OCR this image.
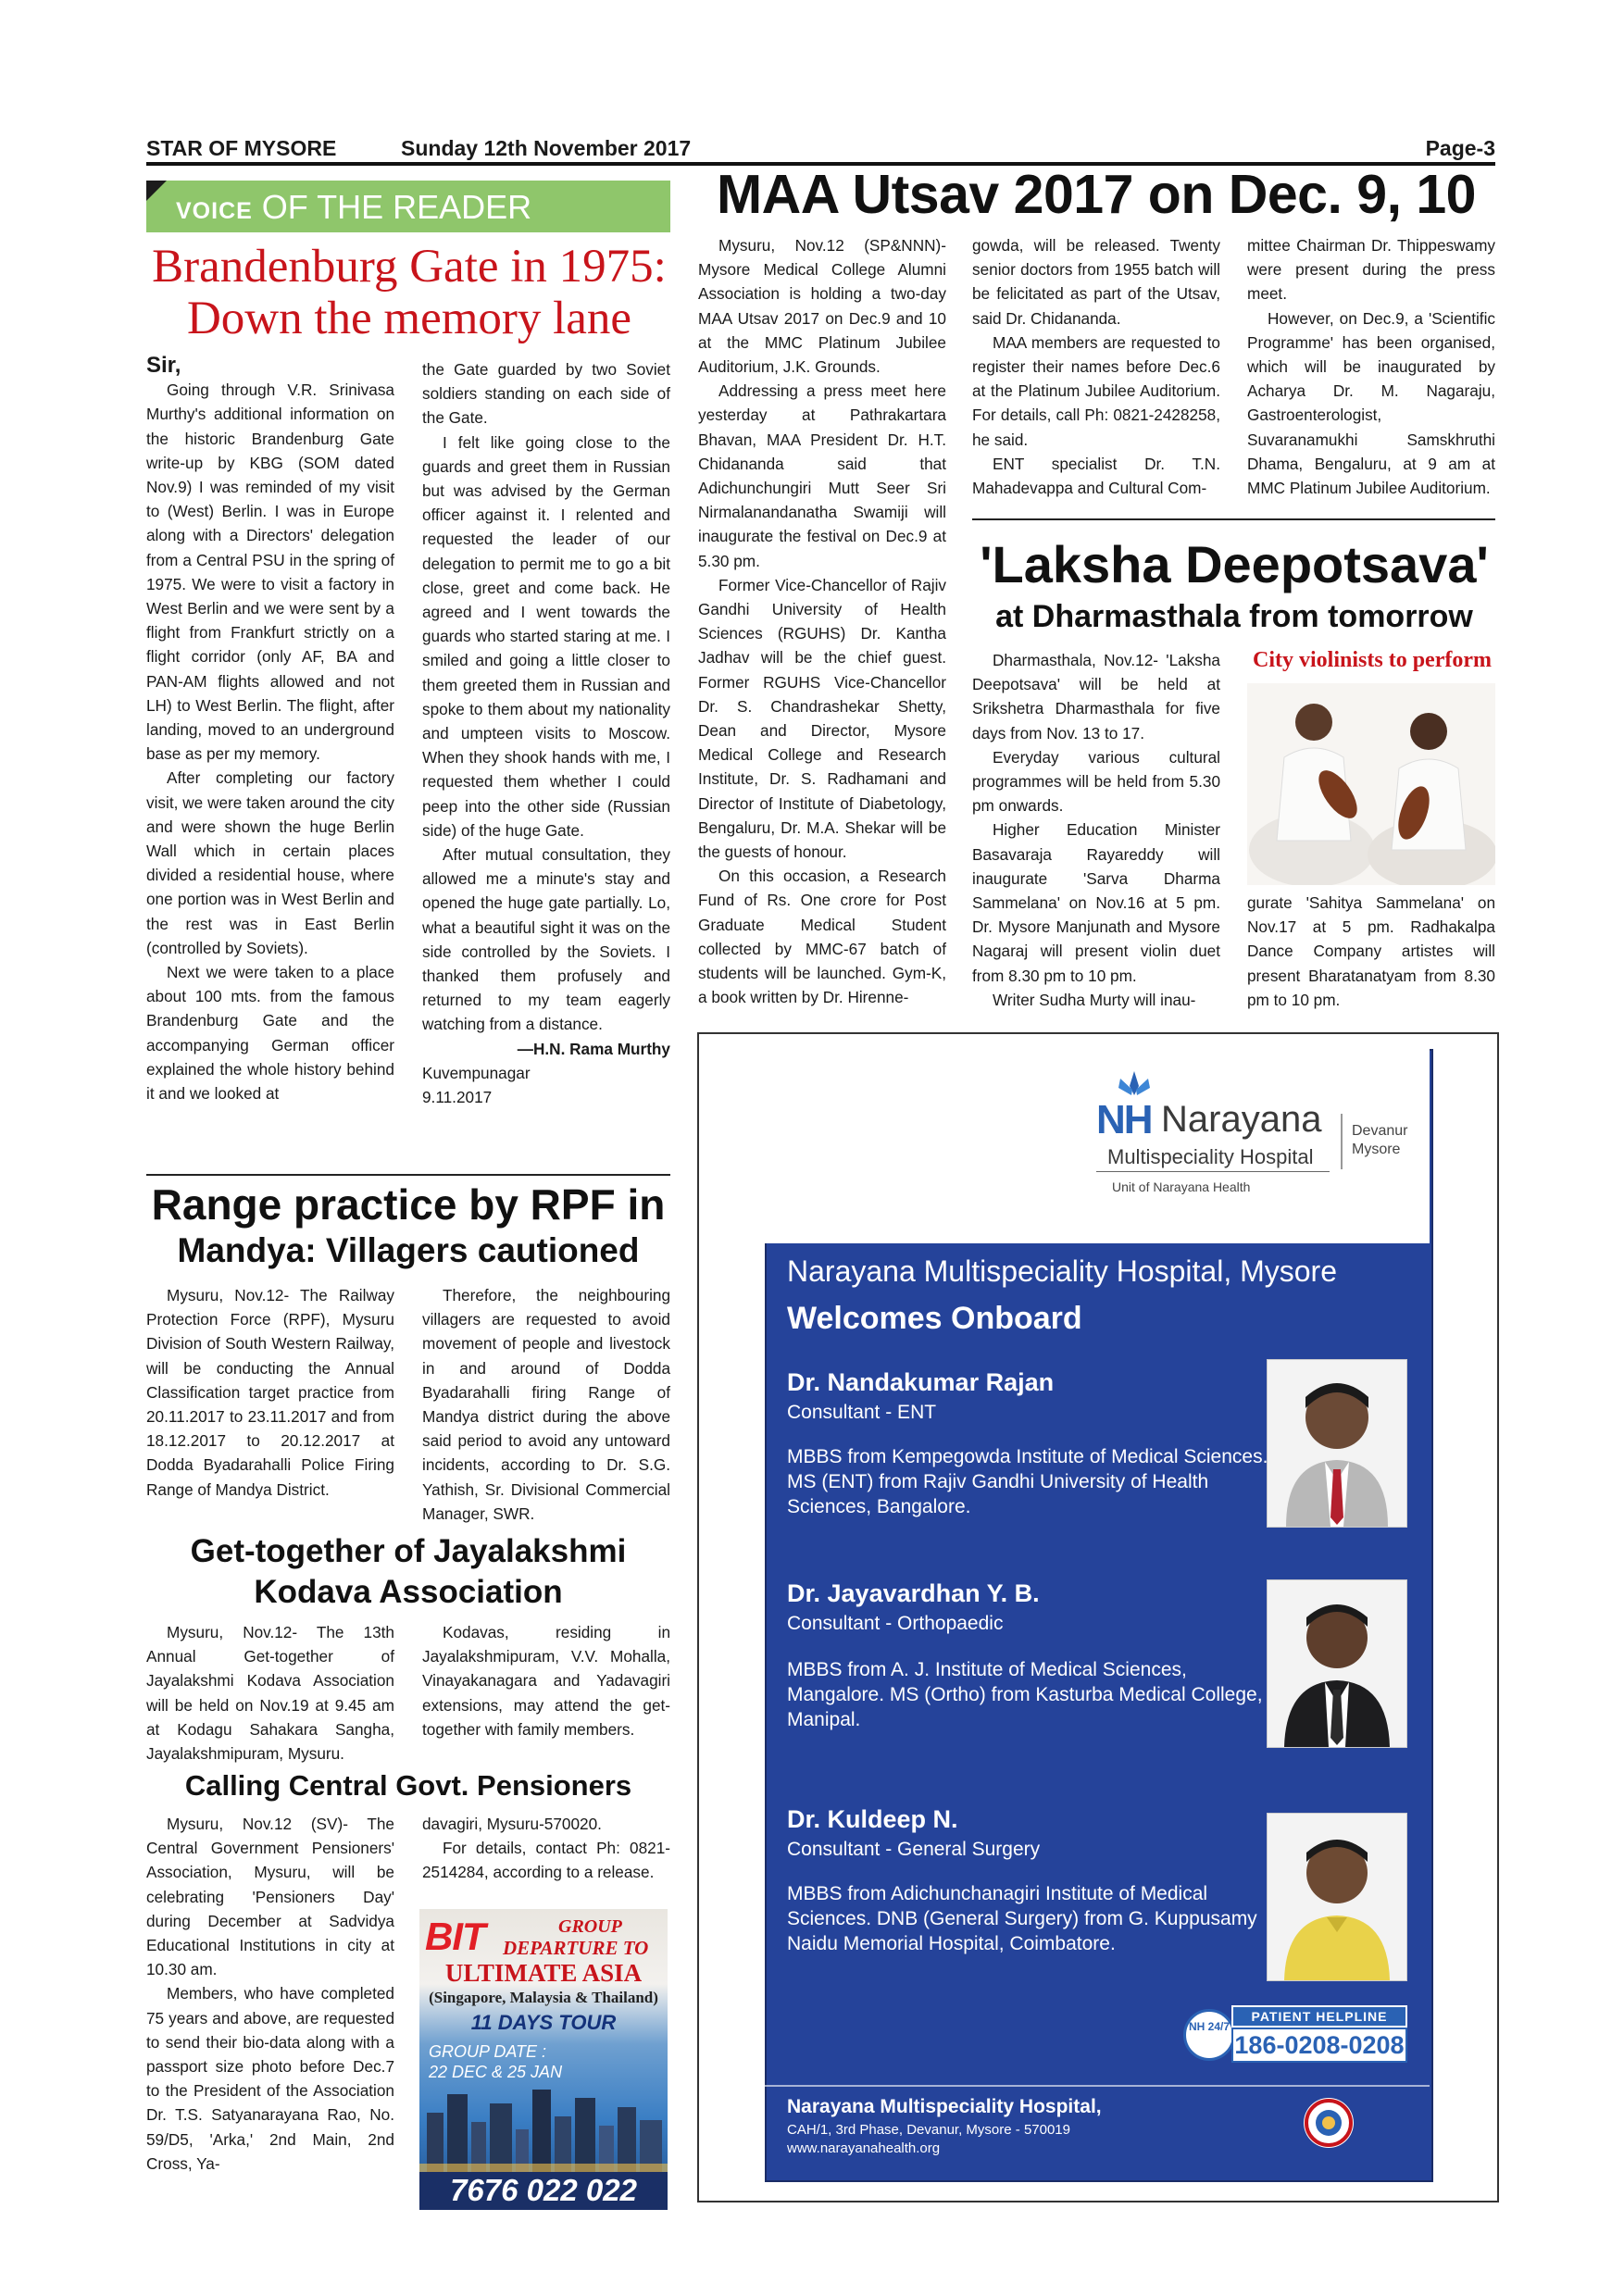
STAR OF MYSORE	Sunday 12th November 2017	Page-3
VOICE OF THE READER
Brandenburg Gate in 1975:
Down the memory lane

Sir,

Going through V.R. Srinivasa Murthy's additional information on the historic Brandenburg Gate write-up by KBG (SOM dated Nov.9) I was reminded of my visit to (West) Berlin. I was in Europe along with a Directors' delegation from a Central PSU in the spring of 1975. We were to visit a factory in West Berlin and we were sent by a flight from Frankfurt strictly on a flight corridor (only AF, BA and PAN-AM flights allowed and not LH) to West Berlin. The flight, after landing, moved to an underground base as per my memory.

After completing our factory visit, we were taken around the city and were shown the huge Berlin Wall which in certain places divided a residential house, where one portion was in West Berlin and the rest was in East Berlin (controlled by Soviets).

Next we were taken to a place about 100 mts. from the famous Brandenburg Gate and the accompanying German officer explained the whole history behind it and we looked at

the Gate guarded by two Soviet soldiers standing on each side of the Gate.

I felt like going close to the guards and greet them in Russian but was advised by the German officer against it. I relented and requested the leader of our delegation to permit me to go a bit close, greet and come back. He agreed and I went towards the guards who started staring at me. I smiled and going a little closer to them greeted them in Russian and spoke to them about my nationality and umpteen visits to Moscow. When they shook hands with me, I requested them whether I could peep into the other side (Russian side) of the huge Gate.

After mutual consultation, they allowed me a minute's stay and opened the huge gate partially. Lo, what a beautiful sight it was on the side controlled by the Soviets. I thanked them profusely and returned to my team eagerly watching from a distance.

—H.N. Rama Murthy

Kuvempunagar

9.11.2017

Range practice by RPF in
Mandya: Villagers cautioned

Mysuru, Nov.12- The Railway Protection Force (RPF), Mysuru Division of South Western Railway, will be conducting the Annual Classification target practice from 20.11.2017 to 23.11.2017 and from 18.12.2017 to 20.12.2017 at Dodda Byadarahalli Police Firing Range of Mandya District.

Therefore, the neighbouring villagers are requested to avoid movement of people and livestock in and around of Dodda Byadarahalli firing Range of Mandya district during the above said period to avoid any untoward incidents, according to Dr. S.G. Yathish, Sr. Divisional Commercial Manager, SWR.

Get-together of Jayalakshmi
Kodava Association

Mysuru, Nov.12- The 13th Annual Get-together of Jayalakshmi Kodava Association will be held on Nov.19 at 9.45 am at Kodagu Sahakara Sangha, Jayalakshmipuram, Mysuru.

Kodavas, residing in Jayalakshmipuram, V.V. Mohalla, Vinayakanagara and Yadavagiri extensions, may attend the get-together with family members.

Calling Central Govt. Pensioners

Mysuru, Nov.12 (SV)- The Central Government Pensioners' Association, Mysuru, will be celebrating 'Pensioners Day' during December at Sadvidya Educational Institutions in city at 10.30 am.

Members, who have completed 75 years and above, are requested to send their bio-data along with a passport size photo before Dec.7 to the President of the Association Dr. T.S. Satyanarayana Rao, No. 59/D5, 'Arka,' 2nd Main, 2nd Cross, Ya-

davagiri, Mysuru-570020.

For details, contact Ph: 0821-2514284, according to a release.

BIT	GROUP
DEPARTURE TO
ULTIMATE ASIA
(Singapore, Malaysia & Thailand)
11 DAYS TOUR
GROUP DATE :
22 DEC & 25 JAN
7676 022 022
MAA Utsav 2017 on Dec. 9, 10

Mysuru, Nov.12 (SP&NNN)- Mysore Medical College Alumni Association is holding a two-day MAA Utsav 2017 on Dec.9 and 10 at the MMC Platinum Jubilee Auditorium, J.K. Grounds.

Addressing a press meet here yesterday at Pathrakartara Bhavan, MAA President Dr. H.T. Chidananda said that Adichunchungiri Mutt Seer Sri Nirmalanandanatha Swamiji will inaugurate the festival on Dec.9 at 5.30 pm.

Former Vice-Chancellor of Rajiv Gandhi University of Health Sciences (RGUHS) Dr. Kantha Jadhav will be the chief guest. Former RGUHS Vice-Chancellor Dr. S. Chandrashekar Shetty, Dean and Director, Mysore Medical College and Research Institute, Dr. S. Radhamani and Director of Institute of Diabetology, Bengaluru, Dr. M.A. Shekar will be the guests of honour.

On this occasion, a Research Fund of Rs. One crore for Post Graduate Medical Student collected by MMC-67 batch of students will be launched. Gym-K, a book written by Dr. Hirenne-

gowda, will be released. Twenty senior doctors from 1955 batch will be felicitated as part of the Utsav, said Dr. Chidananda.

MAA members are requested to register their names before Dec.6 at the Platinum Jubilee Auditorium. For details, call Ph: 0821-2428258, he said.

ENT specialist Dr. T.N. Mahadevappa and Cultural Com-

mittee Chairman Dr. Thippeswamy were present during the press meet.

However, on Dec.9, a 'Scientific Programme' has been organised, which will be inaugurated by Acharya Dr. M. Nagaraju, Gastroenterologist, Suvaranamukhi Samskhruthi Dhama, Bengaluru, at 9 am at MMC Platinum Jubilee Auditorium.

'Laksha Deepotsava'
at Dharmasthala from tomorrow
City violinists to perform

Dharmasthala, Nov.12- 'Laksha Deepotsava' will be held at Srikshetra Dharmasthala for five days from Nov. 13 to 17.

Everyday various cultural programmes will be held from 5.30 pm onwards.

Higher Education Minister Basavaraja Rayareddy will inaugurate 'Sarva Dharma Sammelana' on Nov.16 at 5 pm. Dr. Mysore Manjunath and Mysore Nagaraj will present violin duet from 8.30 pm to 10 pm.

Writer Sudha Murty will inau-

gurate 'Sahitya Sammelana' on Nov.17 at 5 pm. Radhakalpa Dance Company artistes will present Bharatanatyam from 8.30 pm to 10 pm.

NH Narayana
Multispeciality Hospital
Unit of Narayana Health
Devanur
Mysore
Narayana Multispeciality Hospital, Mysore
Welcomes Onboard
Dr. Nandakumar Rajan
Consultant - ENT
MBBS from Kempegowda Institute of Medical Sciences. MS (ENT) from Rajiv Gandhi University of Health Sciences, Bangalore.
Dr. Jayavardhan Y. B.
Consultant - Orthopaedic
MBBS from A. J. Institute of Medical Sciences, Mangalore. MS (Ortho) from Kasturba Medical College, Manipal.
Dr. Kuldeep N.
Consultant - General Surgery
MBBS from Adichunchanagiri Institute of Medical Sciences. DNB (General Surgery) from G. Kuppusamy Naidu Memorial Hospital, Coimbatore.
NH 24/7
PATIENT HELPLINE
186-0208-0208
Narayana Multispeciality Hospital,
CAH/1, 3rd Phase, Devanur, Mysore - 570019
www.narayanahealth.org
